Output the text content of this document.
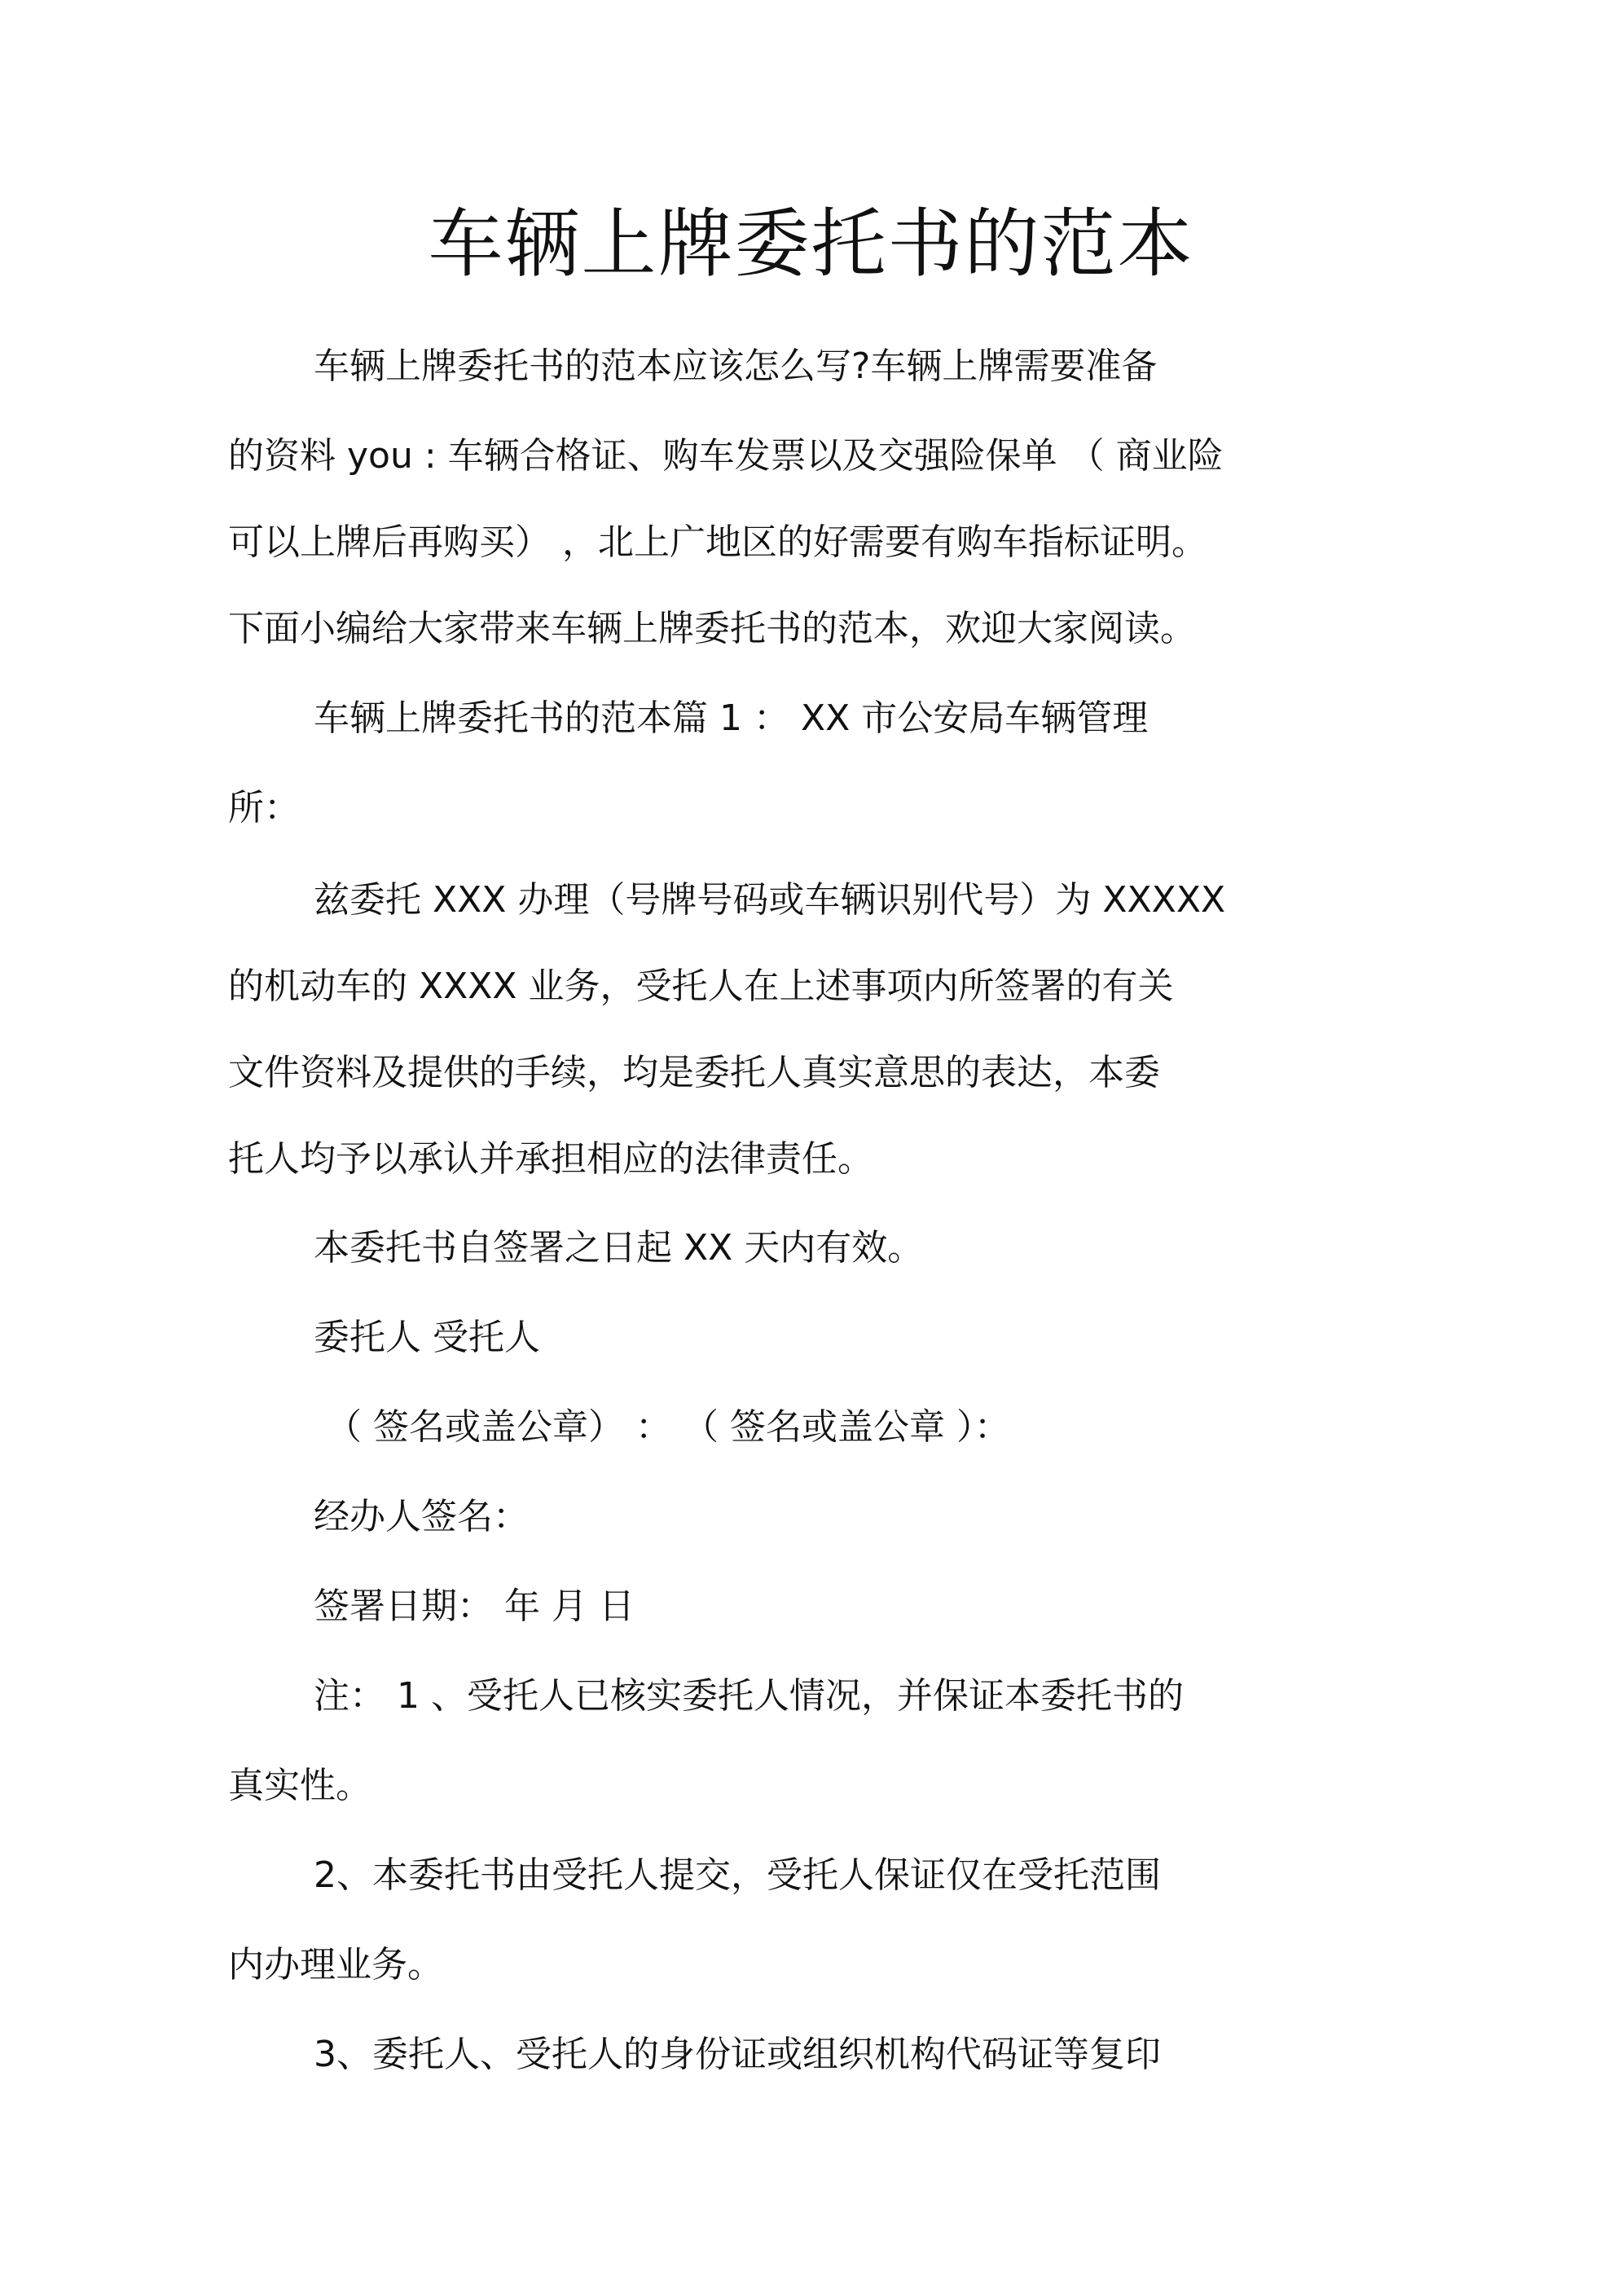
车辆上牌委托书的范本
车辆上牌委托书的范本应该怎么写?车辆上牌需要准备
的资料 you : 车辆合格证、购车发票以及交强险保单 （ 商业险
可以上牌后再购买） ，北上广地区的好需要有购车指标证明。
下面小编给大家带来车辆上牌委托书的范本，欢迎大家阅读。
车辆上牌委托书的范本篇 1 ： XX 市公安局车辆管理
所：
兹委托 XXX 办理（号牌号码或车辆识别代号）为 XXXXX
的机动车的 XXXX 业务，受托人在上述事项内所签署的有关
文件资料及提供的手续，均是委托人真实意思的表达，本委
托人均予以承认并承担相应的法律责任。
本委托书自签署之日起 XX 天内有效。
委托人 受托人
（ 签名或盖公章） ： （ 签名或盖公章 ）：
经办人签名：
签署日期： 年 月 日
注： 1 、受托人已核实委托人情况，并保证本委托书的
真实性。
2、本委托书由受托人提交，受托人保证仅在受托范围
内办理业务。
3、委托人、受托人的身份证或组织机构代码证等复印
